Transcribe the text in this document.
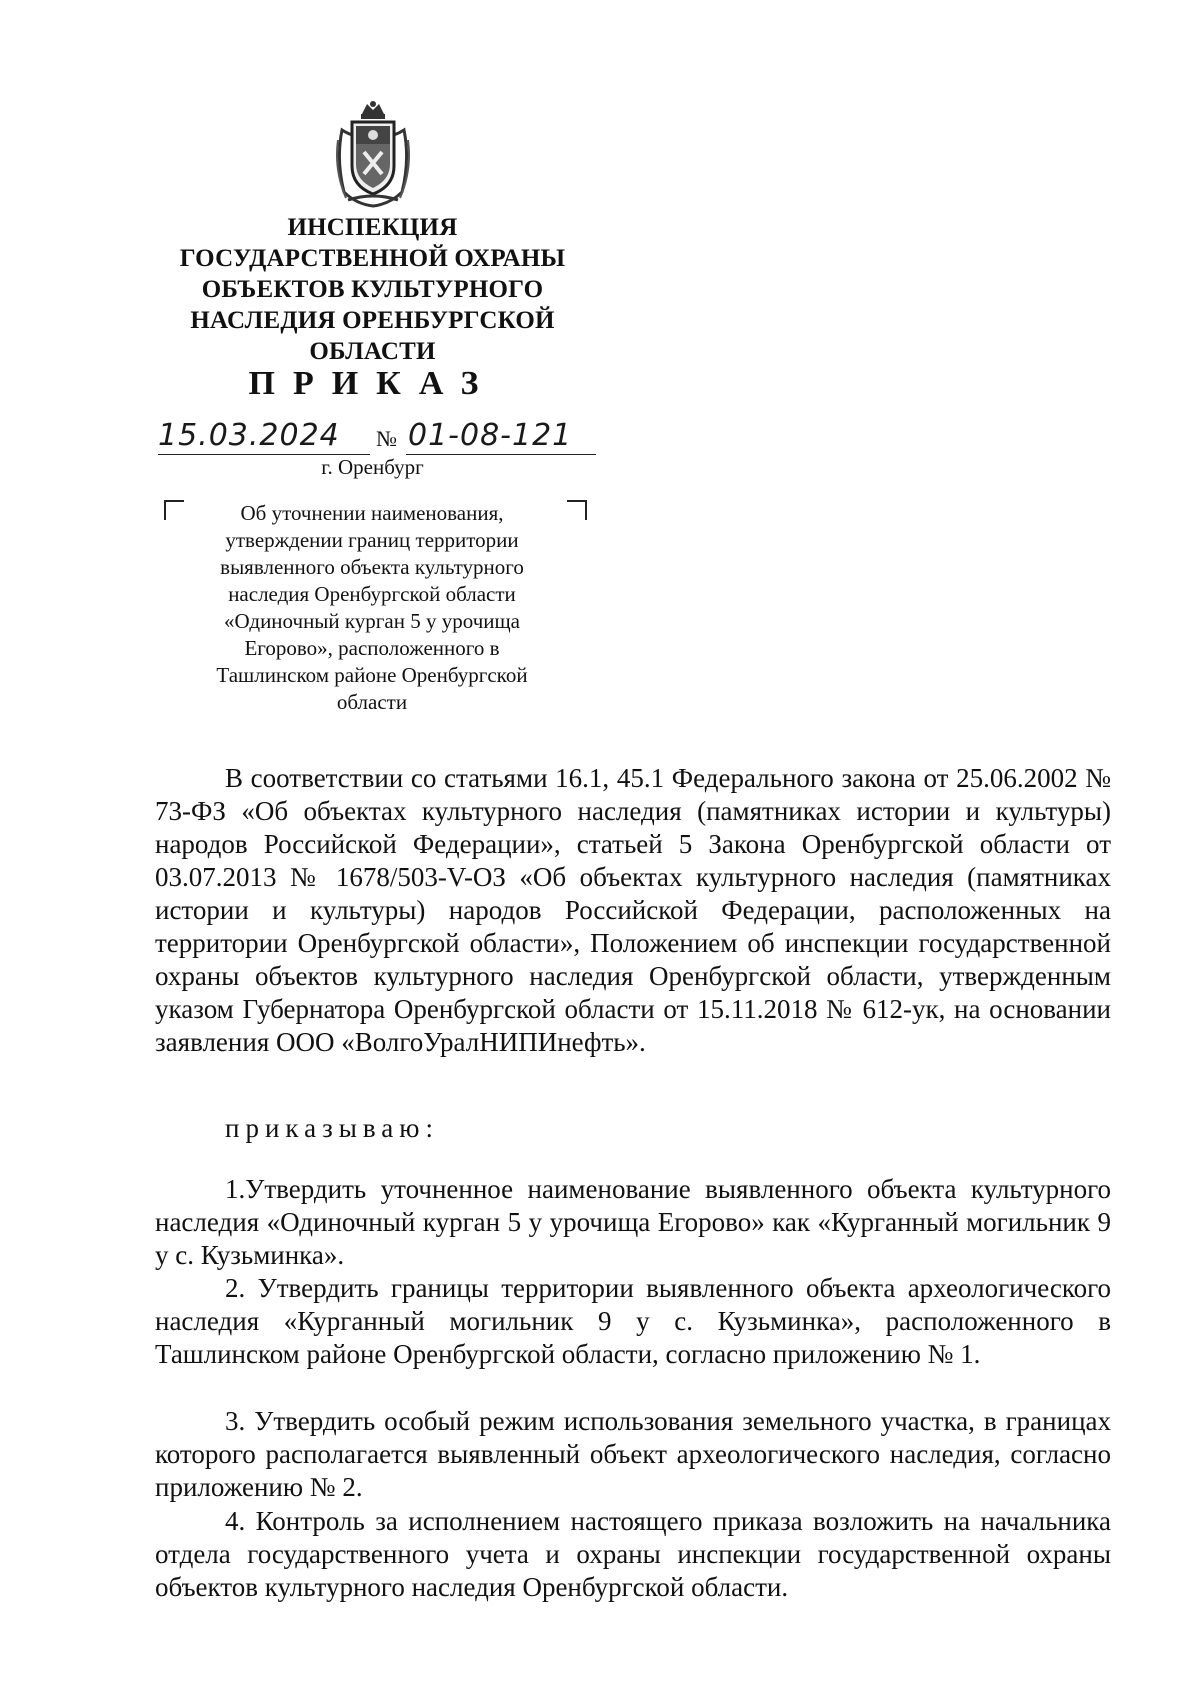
ИНСПЕКЦИЯ
ГОСУДАРСТВЕННОЙ ОХРАНЫ
ОБЪЕКТОВ КУЛЬТУРНОГО
НАСЛЕДИЯ ОРЕНБУРГСКОЙ
ОБЛАСТИ
ПРИКАЗ
15.03.2024 № 01-08-121
г. Оренбург
Об уточнении наименования,
утверждении границ территории
выявленного объекта культурного
наследия Оренбургской области
«Одиночный курган 5 у урочища
Егорово», расположенного в
Ташлинском районе Оренбургской
области
В соответствии со статьями 16.1, 45.1 Федерального закона от 25.06.2002 № 73-ФЗ «Об объектах культурного наследия (памятниках истории и культуры) народов Российской Федерации», статьей 5 Закона Оренбургской области от 03.07.2013 № 1678/503-V-ОЗ «Об объектах культурного наследия (памятниках истории и культуры) народов Российской Федерации, расположенных на территории Оренбургской области», Положением об инспекции государственной охраны объектов культурного наследия Оренбургской области, утвержденным указом Губернатора Оренбургской области от 15.11.2018 № 612-ук, на основании заявления ООО «ВолгоУралНИПИнефть».
приказываю:
1.Утвердить уточненное наименование выявленного объекта культурного наследия «Одиночный курган 5 у урочища Егорово» как «Курганный могильник 9 у с. Кузьминка».
2. Утвердить границы территории выявленного объекта археологического наследия «Курганный могильник 9 у с. Кузьминка», расположенного в Ташлинском районе Оренбургской области, согласно приложению № 1.
3. Утвердить особый режим использования земельного участка, в границах которого располагается выявленный объект археологического наследия, согласно приложению № 2.
4. Контроль за исполнением настоящего приказа возложить на начальника отдела государственного учета и охраны инспекции государственной охраны объектов культурного наследия Оренбургской области.
